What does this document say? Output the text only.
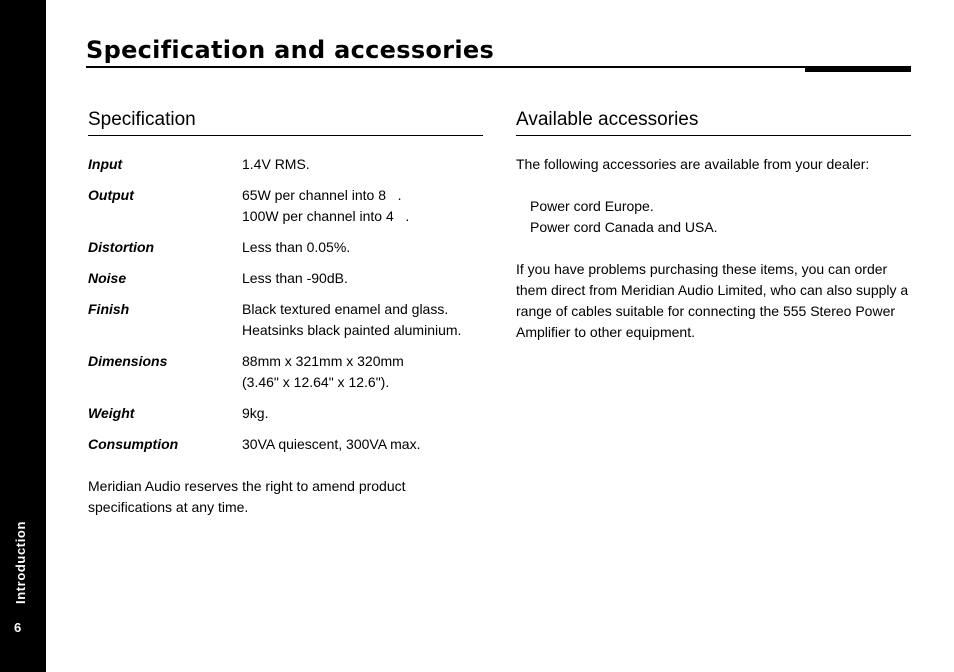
Introduction
6
Specification and accessories
Specification
Input	1.4V RMS.
Output	65W per channel into 8   .
100W per channel into 4   .
Distortion	Less than 0.05%.
Noise	Less than -90dB.
Finish	Black textured enamel and glass.
Heatsinks black painted aluminium.
Dimensions	88mm x 321mm x 320mm
(3.46" x 12.64" x 12.6").
Weight	9kg.
Consumption	30VA quiescent, 300VA max.
Meridian Audio reserves the right to amend product specifications at any time.
Available accessories
The following accessories are available from your dealer:
Power cord Europe.
Power cord Canada and USA.
If you have problems purchasing these items, you can order them direct from Meridian Audio Limited, who can also supply a range of cables suitable for connecting the 555 Stereo Power Amplifier to other equipment.
